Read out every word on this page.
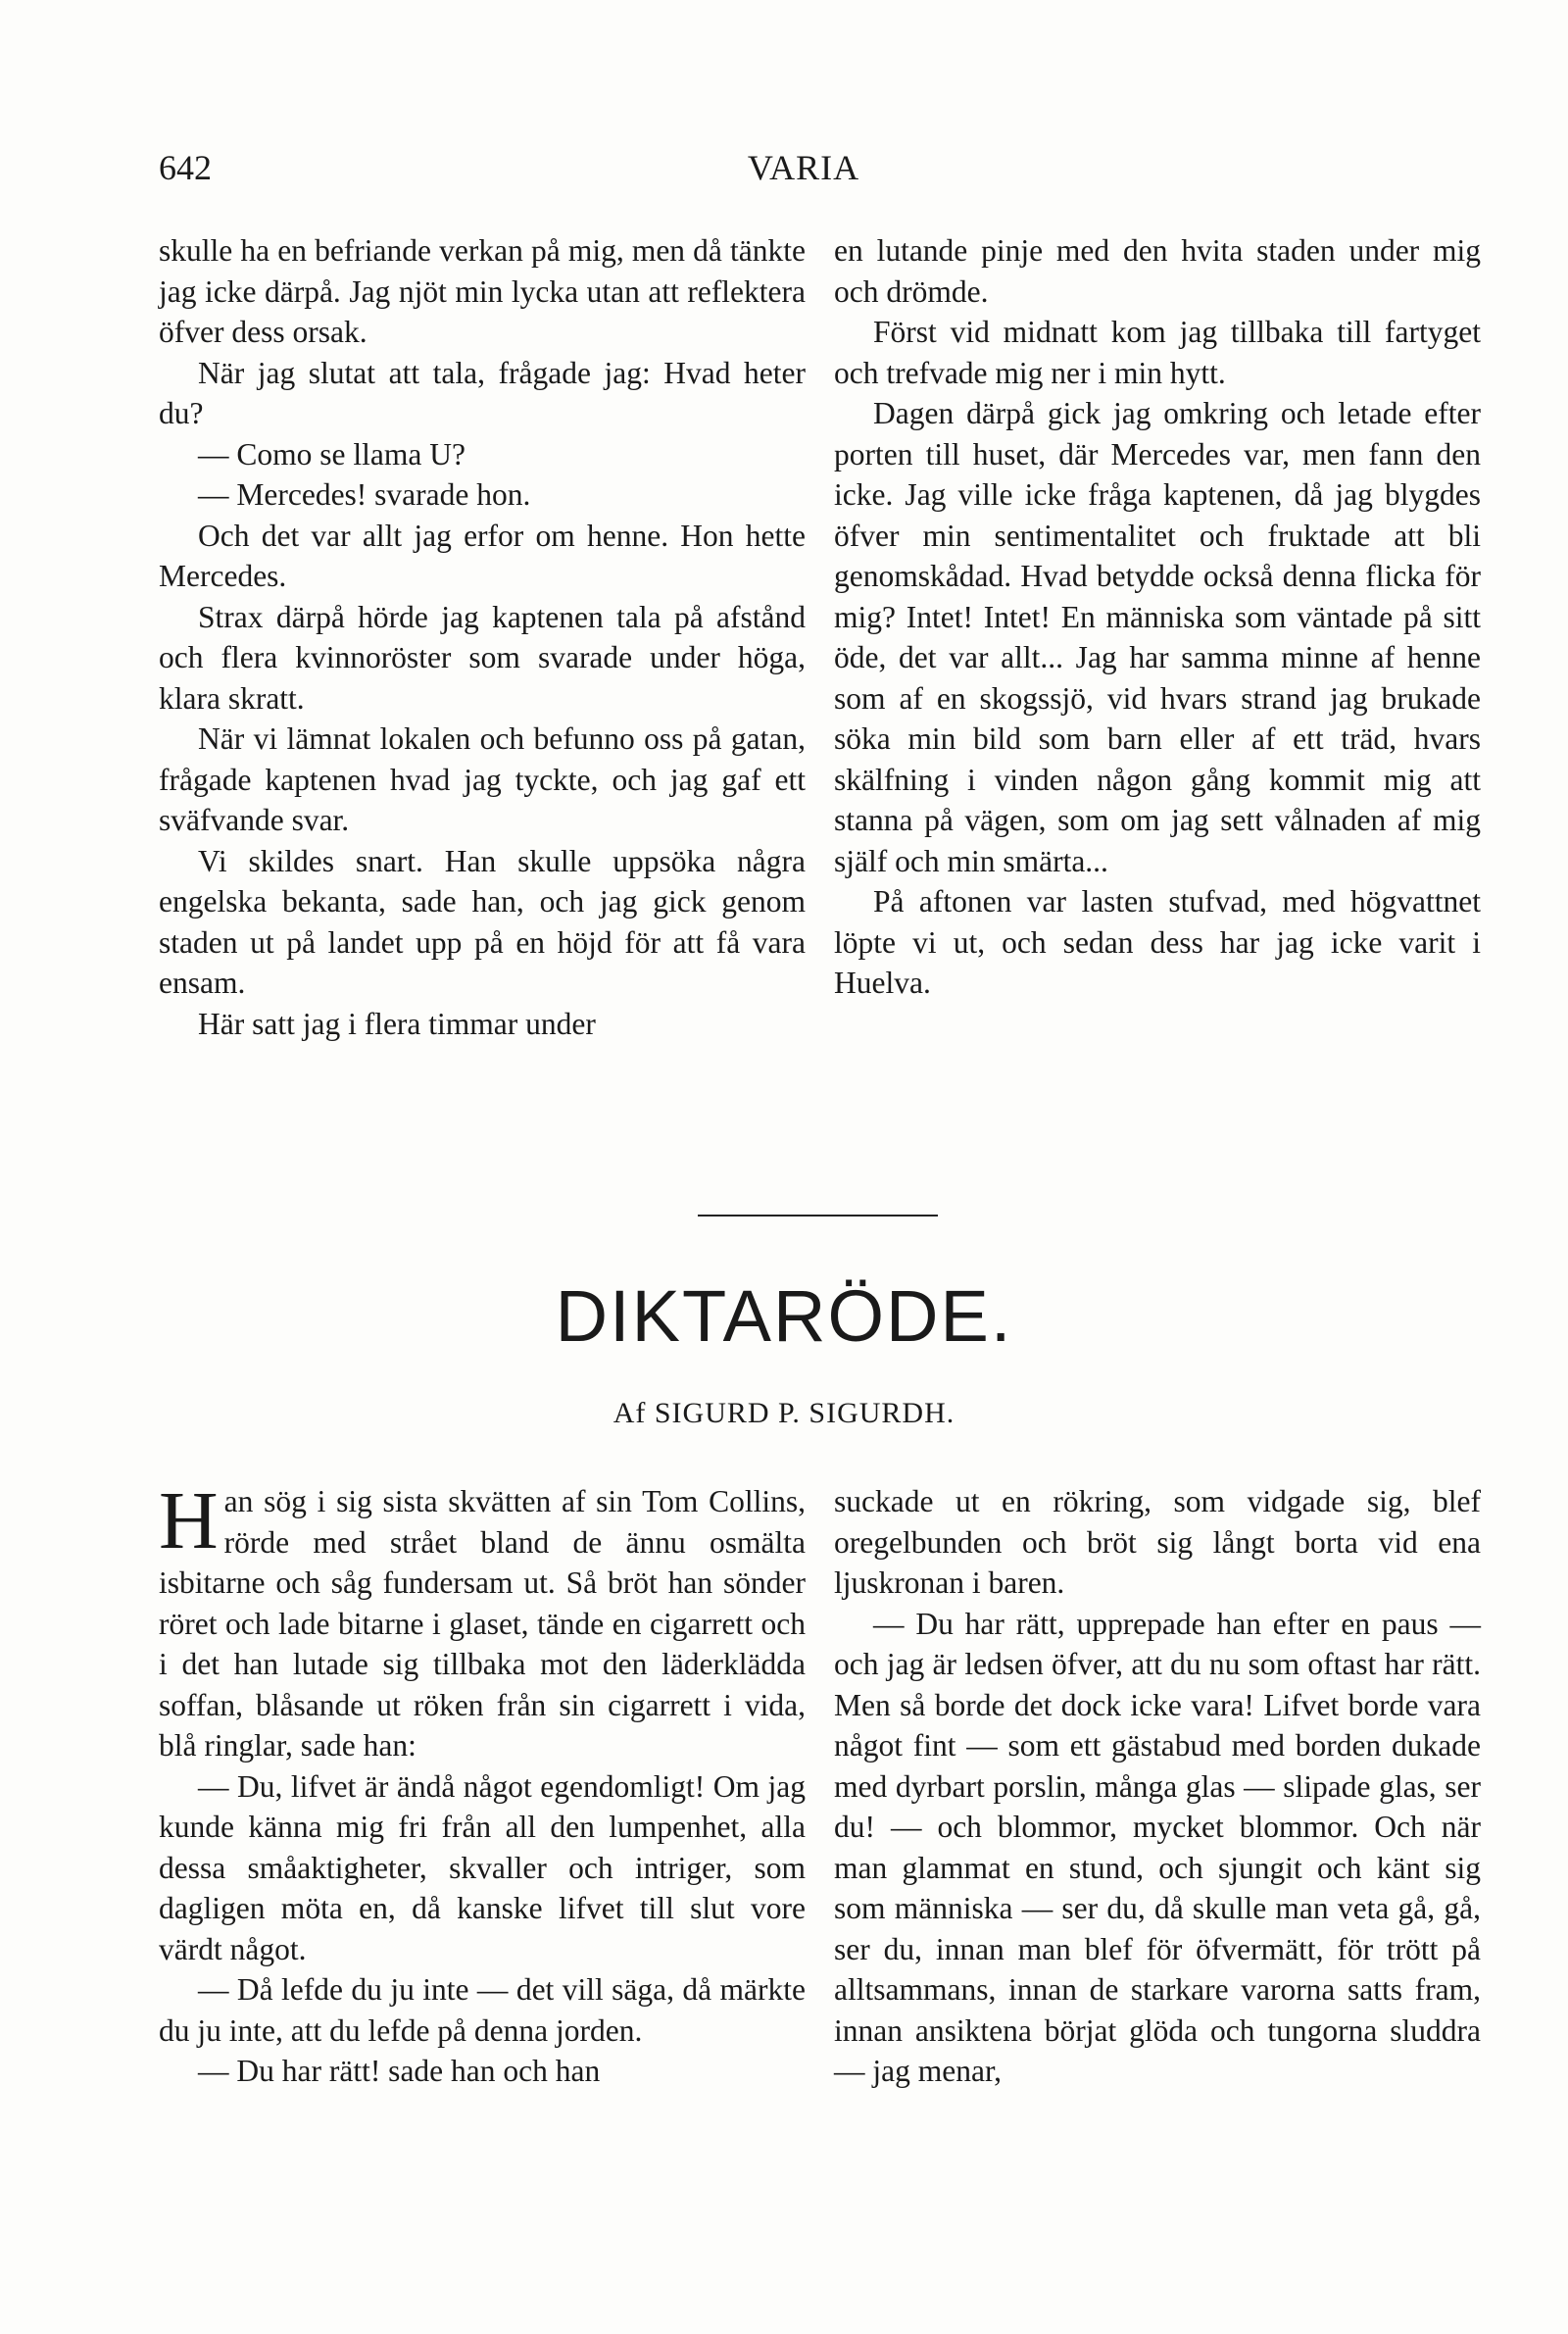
642	VARIA

skulle ha en befriande verkan på mig, men då tänkte jag icke därpå. Jag njöt min lycka utan att reflektera öfver dess orsak.

När jag slutat att tala, frågade jag: Hvad heter du?

— Como se llama U?

— Mercedes! svarade hon.

Och det var allt jag erfor om henne. Hon hette Mercedes.

Strax därpå hörde jag kaptenen tala på afstånd och flera kvinnoröster som svarade under höga, klara skratt.

När vi lämnat lokalen och befunno oss på gatan, frågade kaptenen hvad jag tyckte, och jag gaf ett sväfvande svar.

Vi skildes snart. Han skulle uppsöka några engelska bekanta, sade han, och jag gick genom staden ut på landet upp på en höjd för att få vara ensam.

Här satt jag i flera timmar under

en lutande pinje med den hvita staden under mig och drömde.

Först vid midnatt kom jag tillbaka till fartyget och trefvade mig ner i min hytt.

Dagen därpå gick jag omkring och letade efter porten till huset, där Mercedes var, men fann den icke. Jag ville icke fråga kaptenen, då jag blygdes öfver min sentimentalitet och fruktade att bli genomskådad. Hvad betydde också denna flicka för mig? Intet! Intet! En människa som väntade på sitt öde, det var allt... Jag har samma minne af henne som af en skogssjö, vid hvars strand jag brukade söka min bild som barn eller af ett träd, hvars skälfning i vinden någon gång kommit mig att stanna på vägen, som om jag sett vålnaden af mig själf och min smärta...

På aftonen var lasten stufvad, med högvattnet löpte vi ut, och sedan dess har jag icke varit i Huelva.

DIKTARÖDE.
Af SIGURD P. SIGURDH.

Han sög i sig sista skvätten af sin Tom Collins, rörde med strået bland de ännu osmälta isbitarne och såg fundersam ut. Så bröt han sönder röret och lade bitarne i glaset, tände en cigarrett och i det han lutade sig tillbaka mot den läderklädda soffan, blåsande ut röken från sin cigarrett i vida, blå ringlar, sade han:

— Du, lifvet är ändå något egendomligt! Om jag kunde känna mig fri från all den lumpenhet, alla dessa småaktigheter, skvaller och intriger, som dagligen möta en, då kanske lifvet till slut vore värdt något.

— Då lefde du ju inte — det vill säga, då märkte du ju inte, att du lefde på denna jorden.

— Du har rätt! sade han och han

suckade ut en rökring, som vidgade sig, blef oregelbunden och bröt sig långt borta vid ena ljuskronan i baren.

— Du har rätt, upprepade han efter en paus — och jag är ledsen öfver, att du nu som oftast har rätt. Men så borde det dock icke vara! Lifvet borde vara något fint — som ett gästabud med borden dukade med dyrbart porslin, många glas — slipade glas, ser du! — och blommor, mycket blommor. Och när man glammat en stund, och sjungit och känt sig som människa — ser du, då skulle man veta gå, gå, ser du, innan man blef för öfvermätt, för trött på alltsammans, innan de starkare varorna satts fram, innan ansiktena börjat glöda och tungorna sluddra — jag menar,
